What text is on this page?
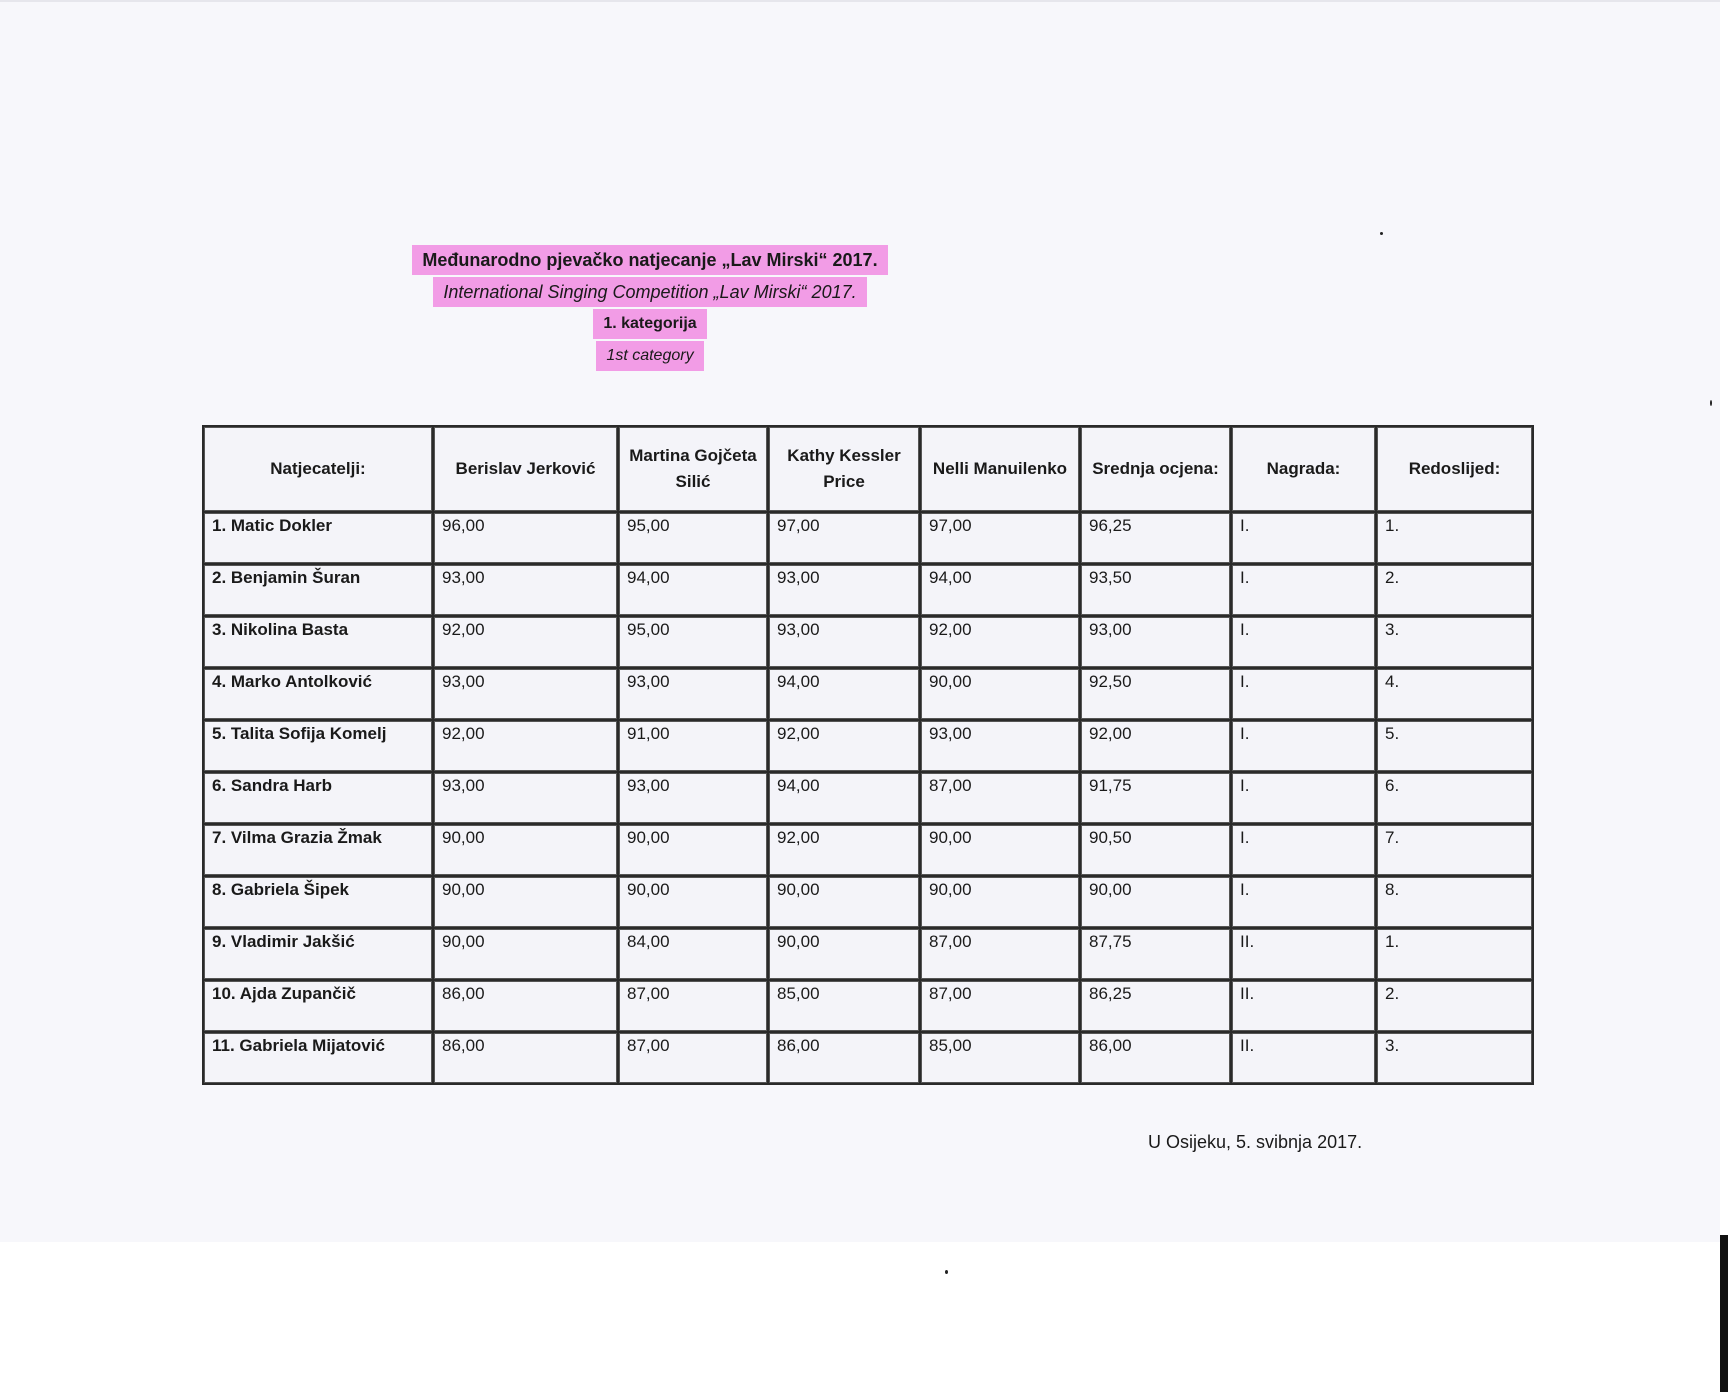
Međunarodno pjevačko natjecanje „Lav Mirski“ 2017.
International Singing Competition „Lav Mirski“ 2017.
1. kategorija
1st category
Natjecatelji:	Berislav Jerković	Martina Gojčeta Silić	Kathy Kessler Price	Nelli Manuilenko	Srednja ocjena:	Nagrada:	Redoslijed:
1. Matic Dokler	96,00	95,00	97,00	97,00	96,25	I.	1.
2. Benjamin Šuran	93,00	94,00	93,00	94,00	93,50	I.	2.
3. Nikolina Basta	92,00	95,00	93,00	92,00	93,00	I.	3.
4. Marko Antolković	93,00	93,00	94,00	90,00	92,50	I.	4.
5. Talita Sofija Komelj	92,00	91,00	92,00	93,00	92,00	I.	5.
6. Sandra Harb	93,00	93,00	94,00	87,00	91,75	I.	6.
7. Vilma Grazia Žmak	90,00	90,00	92,00	90,00	90,50	I.	7.
8. Gabriela Šipek	90,00	90,00	90,00	90,00	90,00	I.	8.
9. Vladimir Jakšić	90,00	84,00	90,00	87,00	87,75	II.	1.
10. Ajda Zupančič	86,00	87,00	85,00	87,00	86,25	II.	2.
11. Gabriela Mijatović	86,00	87,00	86,00	85,00	86,00	II.	3.
U Osijeku, 5. svibnja 2017.
